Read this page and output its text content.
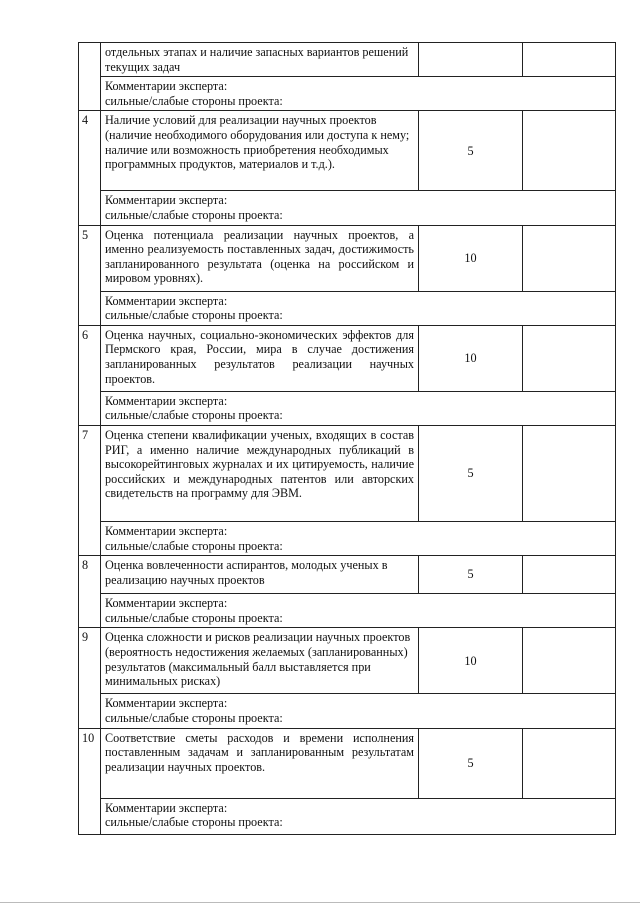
	отдельных этапах и наличие запасных вариантов решений текущих задач		

	Комментарии эксперта:
сильные/слабые стороны проекта:		

4	Наличие условий для реализации научных проектов (наличие необходимого оборудования или доступа к нему; наличие или возможность приобретения необходимых программных продуктов, материалов и т.д.).	5	

	Комментарии эксперта:
сильные/слабые стороны проекта:		

5	Оценка потенциала реализации научных проектов, а именно реализуемость поставленных задач, достижимость запланированного результата (оценка на российском и мировом уровнях).	10	

	Комментарии эксперта:
сильные/слабые стороны проекта:		

6	Оценка научных, социально-экономических эффектов для Пермского края, России, мира в случае достижения запланированных результатов реализации научных проектов.	10	

	Комментарии эксперта:
сильные/слабые стороны проекта:		

7	Оценка степени квалификации ученых, входящих в состав РИГ, а именно наличие международных публикаций в высокорейтинговых журналах и их цитируемость, наличие российских и международных патентов или авторских свидетельств на программу для ЭВМ.	5	

	Комментарии эксперта:
сильные/слабые стороны проекта:		

8	Оценка вовлеченности аспирантов, молодых ученых в реализацию научных проектов	5	

	Комментарии эксперта:
сильные/слабые стороны проекта:		

9	Оценка сложности и рисков реализации научных проектов (вероятность недостижения желаемых (запланированных) результатов (максимальный балл выставляется при минимальных рисках)	10	

	Комментарии эксперта:
сильные/слабые стороны проекта:		

10	Соответствие сметы расходов и времени исполнения поставленным задачам и запланированным результатам реализации научных проектов.	5	

	Комментарии эксперта:
сильные/слабые стороны проекта:		
